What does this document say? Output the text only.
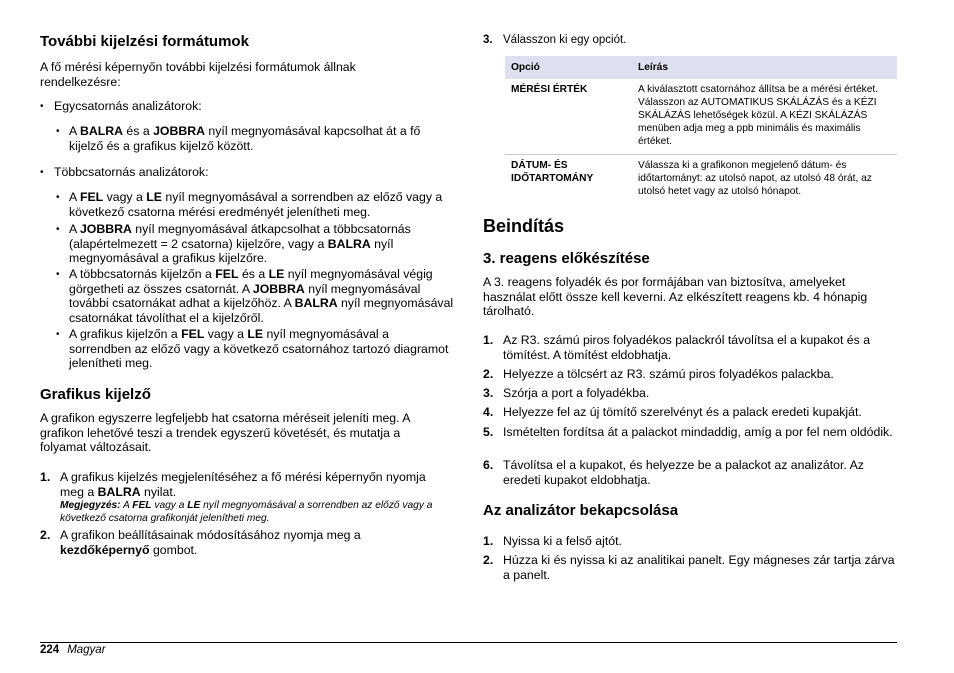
További kijelzési formátumok

A fő mérési képernyőn további kijelzési formátumok állnak rendelkezésre:

• Egycsatornás analizátorok:
• A BALRA és a JOBBRA nyíl megnyomásával kapcsolhat át a fő kijelző és a grafikus kijelző között.
• Többcsatornás analizátorok:
• A FEL vagy a LE nyíl megnyomásával a sorrendben az előző vagy a következő csatorna mérési eredményét jelenítheti meg.
• A JOBBRA nyíl megnyomásával átkapcsolhat a többcsatornás (alapértelmezett = 2 csatorna) kijelzőre, vagy a BALRA nyíl megnyomásával a grafikus kijelzőre.
• A többcsatornás kijelzőn a FEL és a LE nyíl megnyomásával végig görgetheti az összes csatornát. A JOBBRA nyíl megnyomásával további csatornákat adhat a kijelzőhöz. A BALRA nyíl megnyomásával csatornákat távolíthat el a kijelzőről.
• A grafikus kijelzőn a FEL vagy a LE nyíl megnyomásával a sorrendben az előző vagy a következő csatornához tartozó diagramot jelenítheti meg.
Grafikus kijelző

A grafikon egyszerre legfeljebb hat csatorna méréseit jeleníti meg. A grafikon lehetővé teszi a trendek egyszerű követését, és mutatja a folyamat változásait.

1. A grafikus kijelzés megjelenítéséhez a fő mérési képernyőn nyomja meg a BALRA nyilat.
Megjegyzés: A FEL vagy a LE nyíl megnyomásával a sorrendben az előző vagy a következő csatorna grafikonját jelenítheti meg.
2. A grafikon beállításainak módosításához nyomja meg a kezdőképernyő gombot.
3. Válasszon ki egy opciót.
Opció	Leírás
MÉRÉSI ÉRTÉK	A kiválasztott csatornához állítsa be a mérési értéket. Válasszon az AUTOMATIKUS SKÁLÁZÁS és a KÉZI SKÁLÁZÁS lehetőségek közül. A KÉZI SKÁLÁZÁS menüben adja meg a ppb minimális és maximális értéket.
DÁTUM- ÉS IDŐTARTOMÁNY	Válassza ki a grafikonon megjelenő dátum- és időtartományt: az utolsó napot, az utolsó 48 órát, az utolsó hetet vagy az utolsó hónapot.
Beindítás
3. reagens előkészítése

A 3. reagens folyadék és por formájában van biztosítva, amelyeket használat előtt össze kell keverni. Az elkészített reagens kb. 4 hónapig tárolható.

1. Az R3. számú piros folyadékos palackról távolítsa el a kupakot és a tömítést. A tömítést eldobhatja.
2. Helyezze a tölcsért az R3. számú piros folyadékos palackba.
3. Szórja a port a folyadékba.
4. Helyezze fel az új tömítő szerelvényt és a palack eredeti kupakját.
5. Ismételten fordítsa át a palackot mindaddig, amíg a por fel nem oldódik.
6. Távolítsa el a kupakot, és helyezze be a palackot az analizátor. Az eredeti kupakot eldobhatja.
Az analizátor bekapcsolása
1. Nyissa ki a felső ajtót.
2. Húzza ki és nyissa ki az analitikai panelt. Egy mágneses zár tartja zárva a panelt.
224 Magyar
